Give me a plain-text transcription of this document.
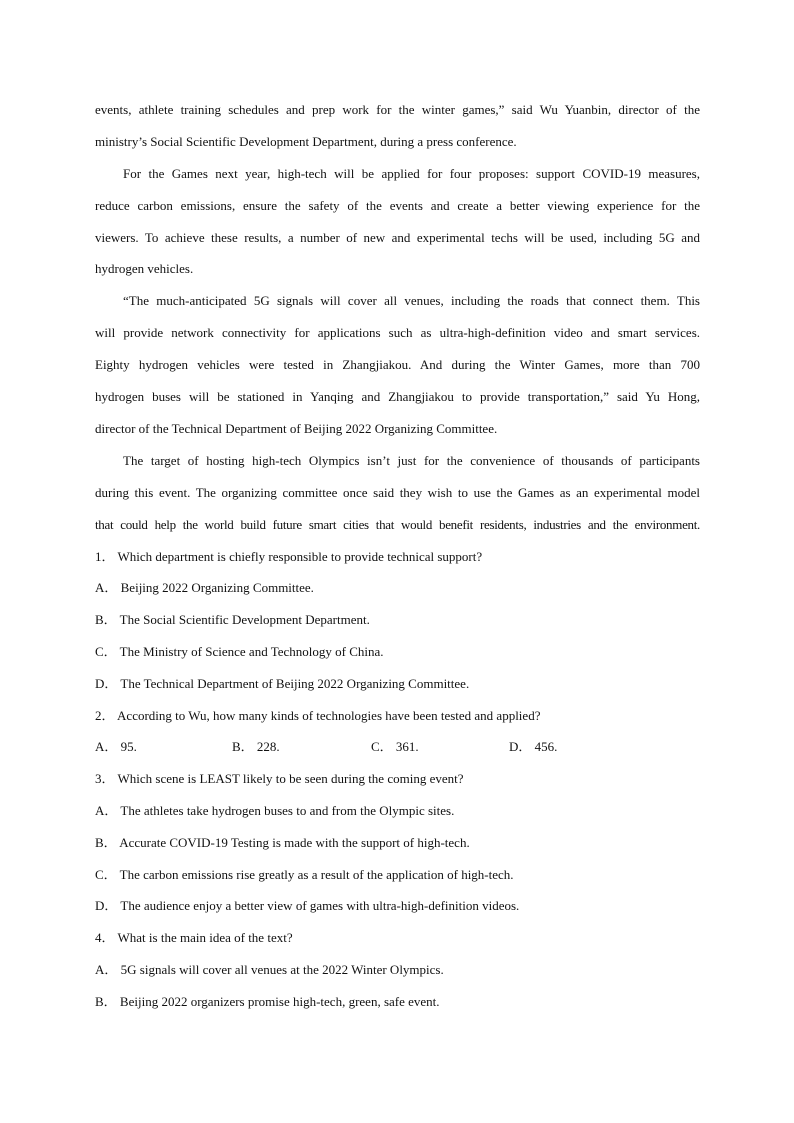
events, athlete training schedules and prep work for the winter games,” said Wu Yuanbin, director of the
ministry’s Social Scientific Development Department, during a press conference.
For the Games next year, high-tech will be applied for four proposes: support COVID-19 measures,
reduce carbon emissions, ensure the safety of the events and create a better viewing experience for the
viewers. To achieve these results, a number of new and experimental techs will be used, including 5G and
hydrogen vehicles.
“The much-anticipated 5G signals will cover all venues, including the roads that connect them. This
will provide network connectivity for applications such as ultra-high-definition video and smart services.
Eighty hydrogen vehicles were tested in Zhangjiakou. And during the Winter Games, more than 700
hydrogen buses will be stationed in Yanqing and Zhangjiakou to provide transportation,” said Yu Hong,
director of the Technical Department of Beijing 2022 Organizing Committee.
The target of hosting high-tech Olympics isn’t just for the convenience of thousands of participants
during this event. The organizing committee once said they wish to use the Games as an experimental model
that could help the world build future smart cities that would benefit residents, industries and the environment.
1． Which department is chiefly responsible to provide technical support?
A． Beijing 2022 Organizing Committee.
B． The Social Scientific Development Department.
C． The Ministry of Science and Technology of China.
D． The Technical Department of Beijing 2022 Organizing Committee.
2． According to Wu, how many kinds of technologies have been tested and applied?
A． 95.	B． 228.	C． 361.	D． 456.
3． Which scene is LEAST likely to be seen during the coming event?
A． The athletes take hydrogen buses to and from the Olympic sites.
B． Accurate COVID-19 Testing is made with the support of high-tech.
C． The carbon emissions rise greatly as a result of the application of high-tech.
D． The audience enjoy a better view of games with ultra-high-definition videos.
4． What is the main idea of the text?
A． 5G signals will cover all venues at the 2022 Winter Olympics.
B． Beijing 2022 organizers promise high-tech, green, safe event.
